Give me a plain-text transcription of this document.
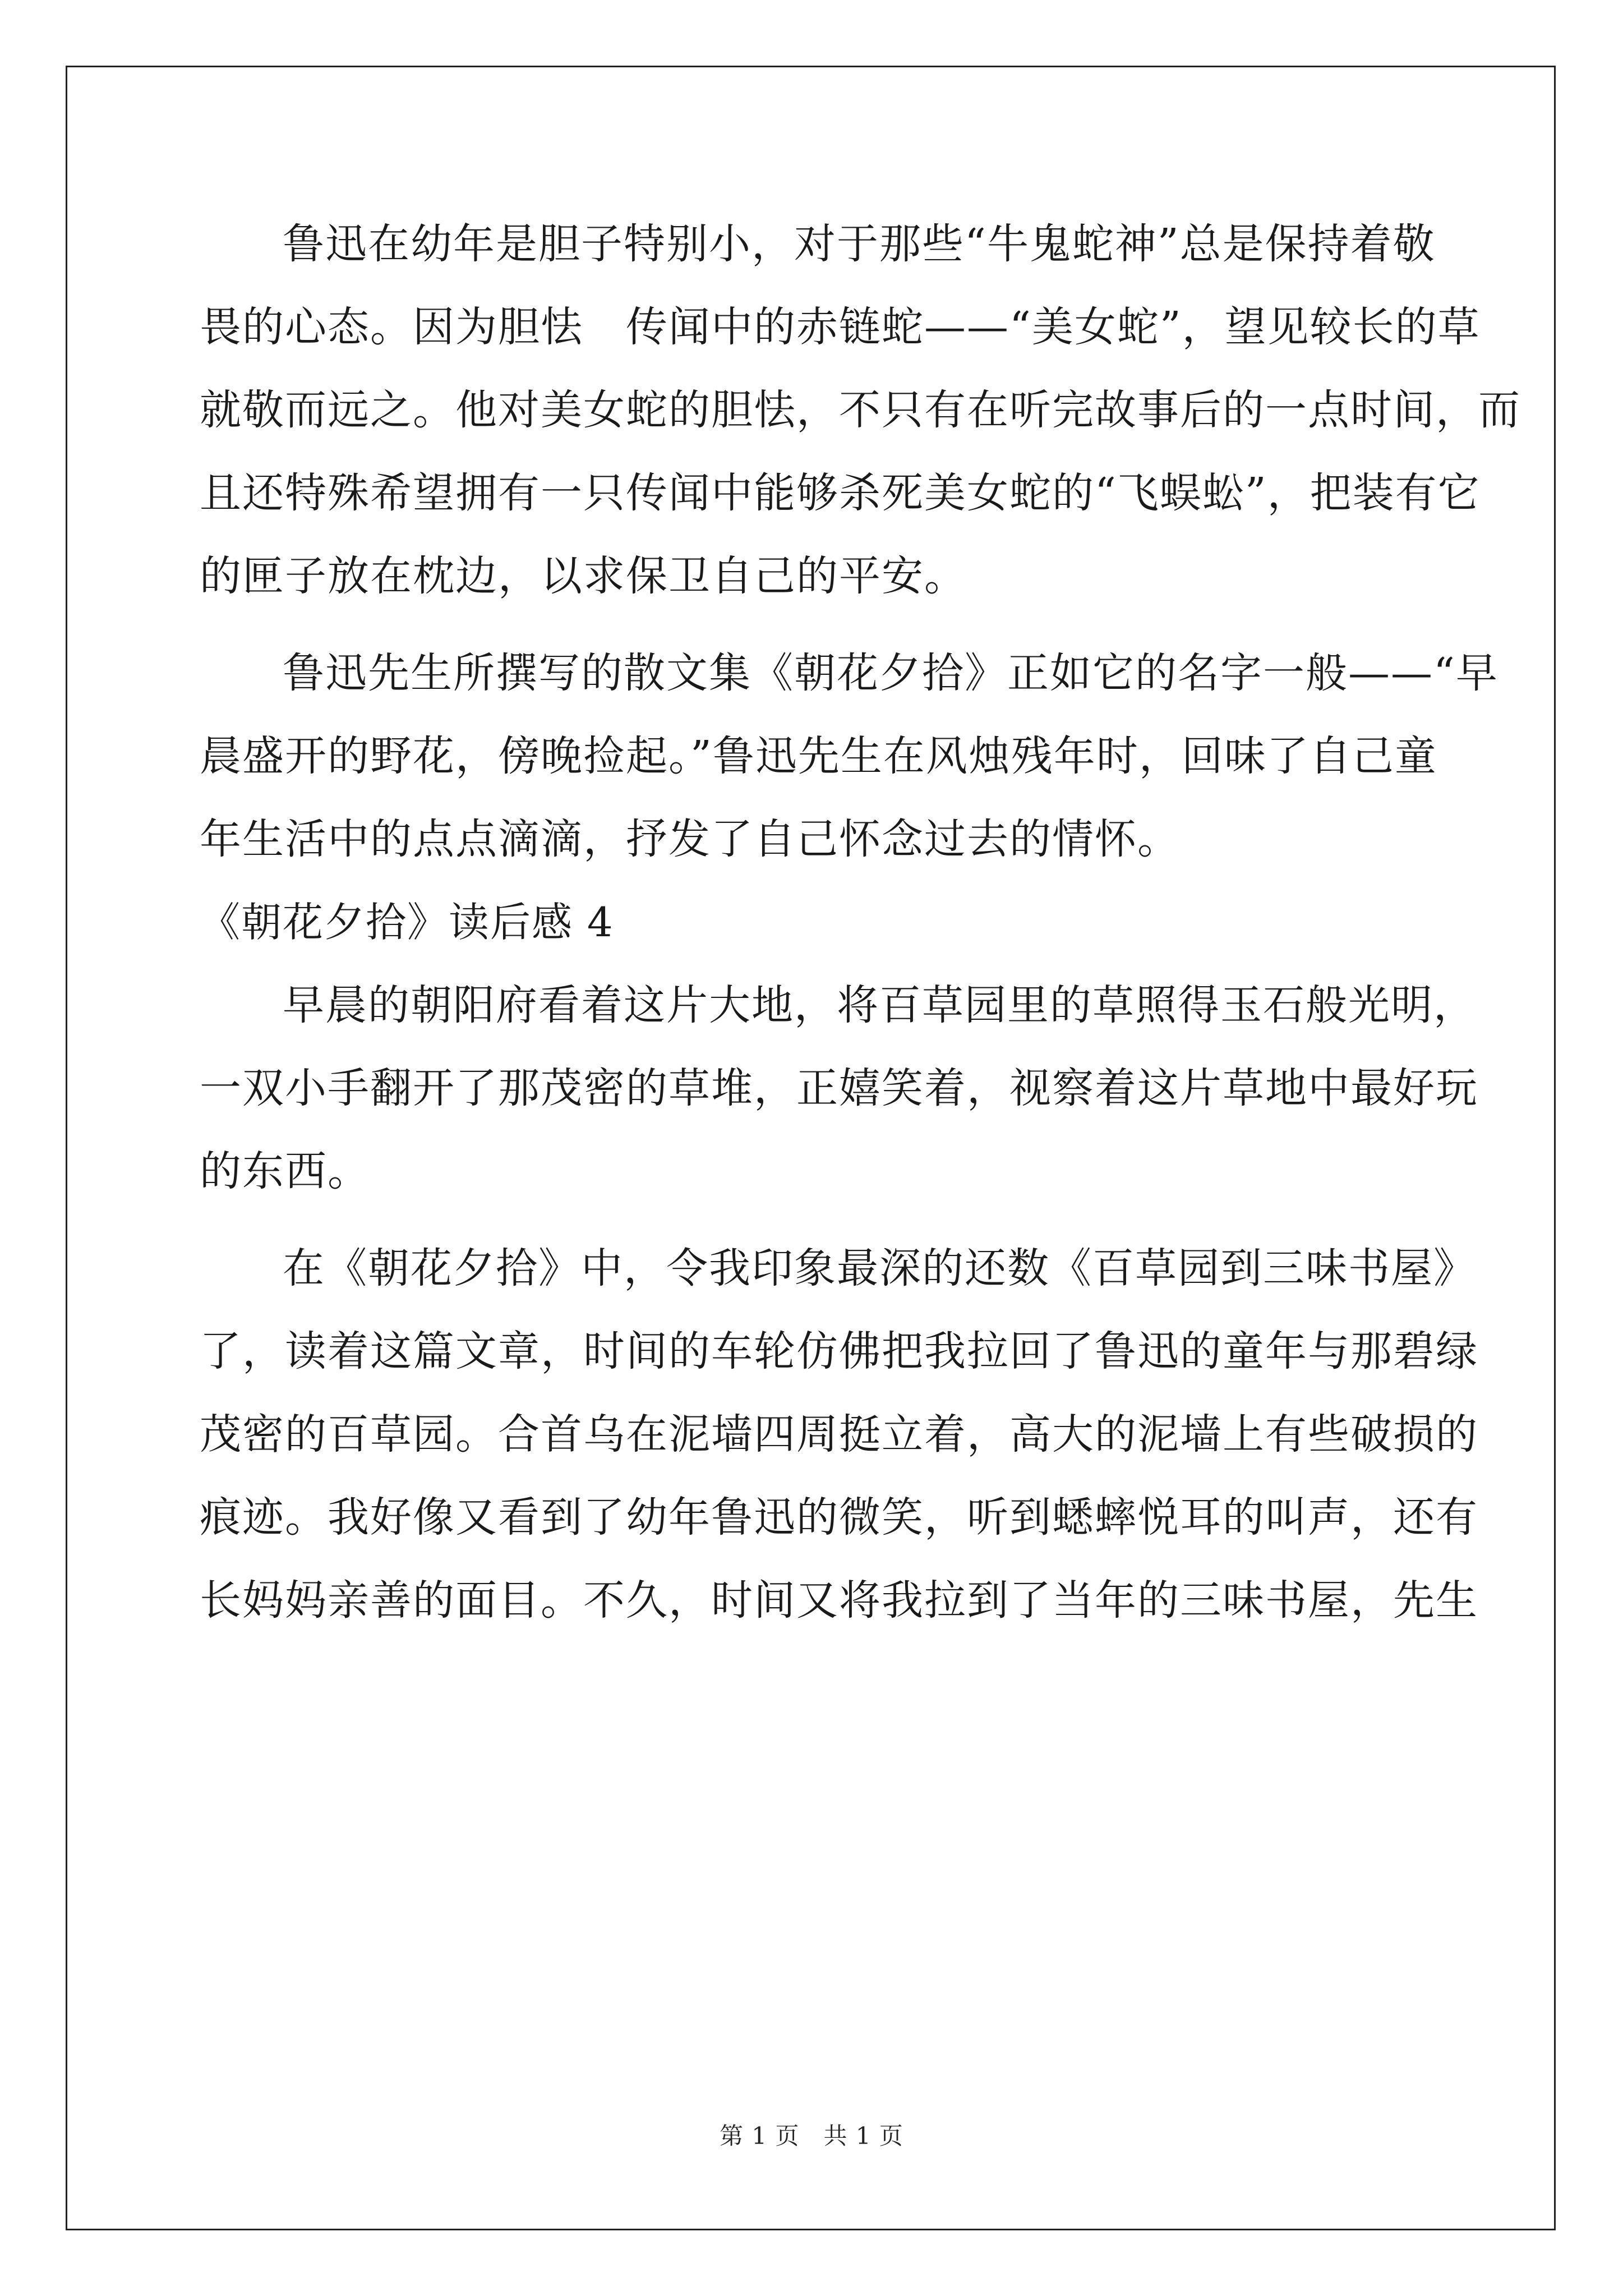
鲁迅在幼年是胆子特别小，对于那些“牛鬼蛇神”总是保持着敬
畏的心态。因为胆怯　传闻中的赤链蛇——“美女蛇”，望见较长的草
就敬而远之。他对美女蛇的胆怯，不只有在听完故事后的一点时间，而
且还特殊希望拥有一只传闻中能够杀死美女蛇的“飞蜈蚣”，把装有它
的匣子放在枕边，以求保卫自己的平安。
鲁迅先生所撰写的散文集《朝花夕拾》正如它的名字一般——“早
晨盛开的野花，傍晚捡起。”鲁迅先生在风烛残年时，回味了自己童
年生活中的点点滴滴，抒发了自己怀念过去的情怀。
《朝花夕拾》读后感 4
早晨的朝阳府看着这片大地，将百草园里的草照得玉石般光明，
一双小手翻开了那茂密的草堆，正嬉笑着，视察着这片草地中最好玩
的东西。
在《朝花夕拾》中，令我印象最深的还数《百草园到三味书屋》
了，读着这篇文章，时间的车轮仿佛把我拉回了鲁迅的童年与那碧绿
茂密的百草园。合首乌在泥墙四周挺立着，高大的泥墙上有些破损的
痕迹。我好像又看到了幼年鲁迅的微笑，听到蟋蟀悦耳的叫声，还有
长妈妈亲善的面目。不久，时间又将我拉到了当年的三味书屋，先生
第 1 页　共 1 页
